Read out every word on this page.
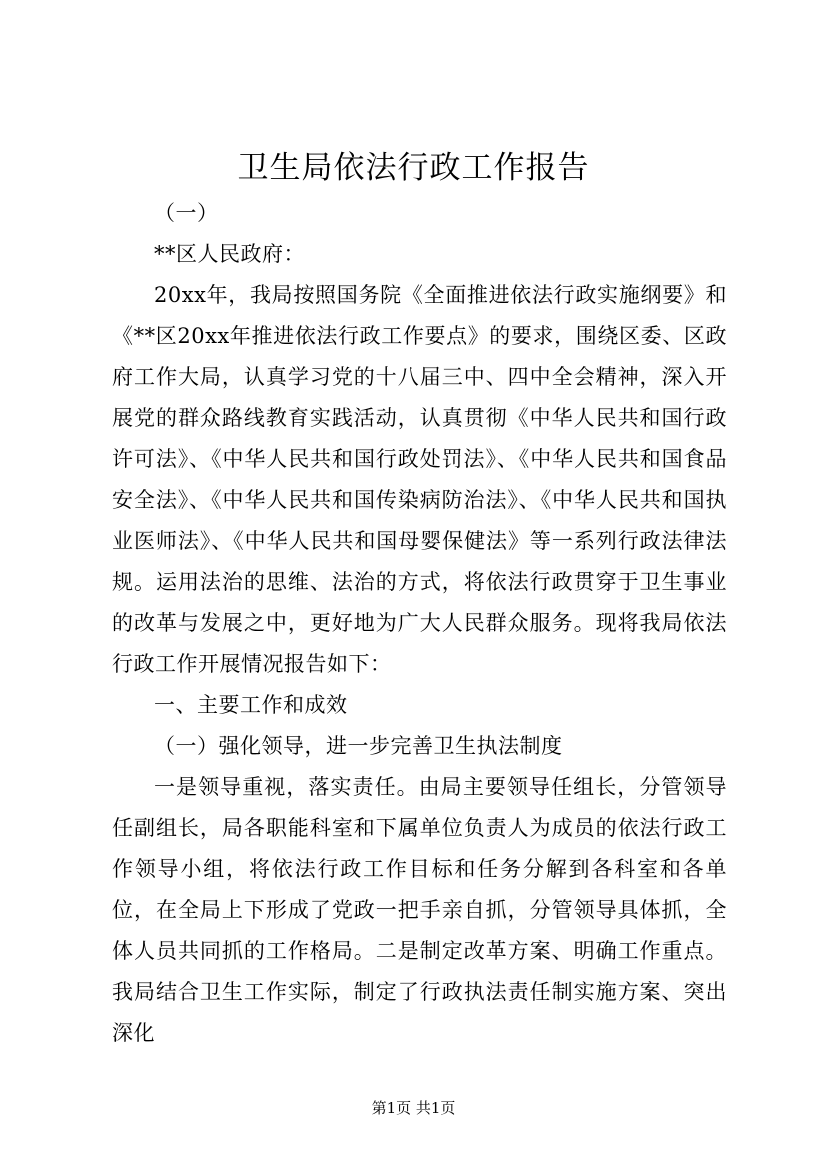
卫生局依法行政工作报告

（一）

**区人民政府：

20xx年，我局按照国务院《全面推进依法行政实施纲要》和《**区20xx年推进依法行政工作要点》的要求，围绕区委、区政府工作大局，认真学习党的十八届三中、四中全会精神，深入开展党的群众路线教育实践活动，认真贯彻《中华人民共和国行政许可法》、《中华人民共和国行政处罚法》、《中华人民共和国食品安全法》、《中华人民共和国传染病防治法》、《中华人民共和国执业医师法》、《中华人民共和国母婴保健法》等一系列行政法律法规。运用法治的思维、法治的方式，将依法行政贯穿于卫生事业的改革与发展之中，更好地为广大人民群众服务。现将我局依法行政工作开展情况报告如下：

一、主要工作和成效

（一）强化领导，进一步完善卫生执法制度

一是领导重视，落实责任。由局主要领导任组长，分管领导任副组长，局各职能科室和下属单位负责人为成员的依法行政工作领导小组，将依法行政工作目标和任务分解到各科室和各单位，在全局上下形成了党政一把手亲自抓，分管领导具体抓，全体人员共同抓的工作格局。二是制定改革方案、明确工作重点。我局结合卫生工作实际，制定了行政执法责任制实施方案、突出深化

第1页 共1页
